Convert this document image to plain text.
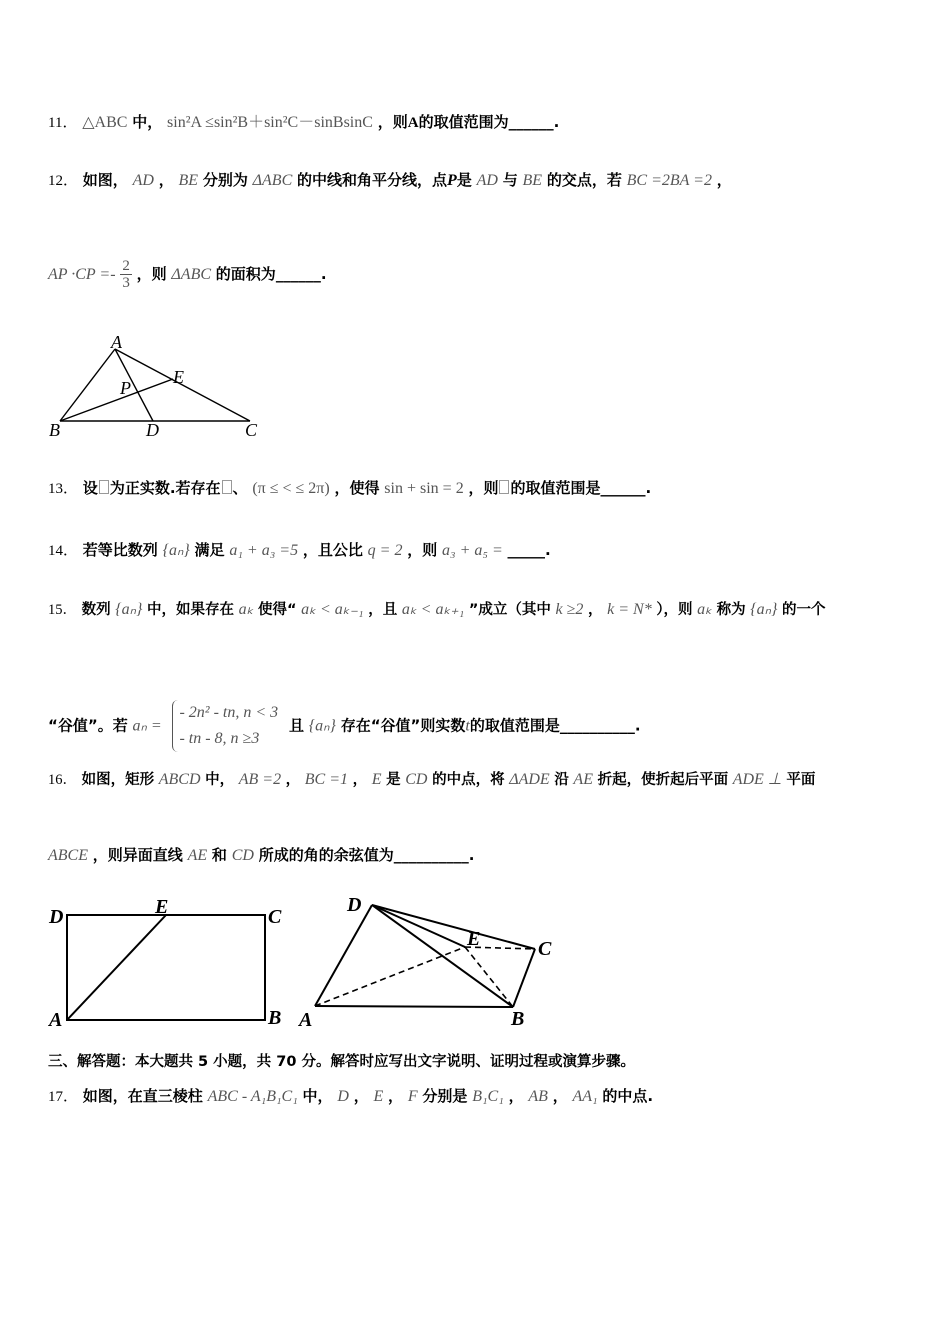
11． △ABC 中， sin²A ≤sin²B＋sin²C－sinBsinC ，则A的取值范围为______.
12． 如图， AD ， BE 分别为 ΔABC 的中线和角平分线，点P是 AD 与 BE 的交点，若 BC =2BA =2 ，
AP $\cdot CP =- \frac{2}{3}$ ，则 ΔABC 的面积为______.
A
B	C
D
E
P
13． 设 为正实数.若存在 、 (π ≤ < ≤ 2π) ，使得 sin + sin = 2 ，则 的取值范围是______.
14． 若等比数列 {aₙ} 满足 a₁ + a₃ =5 ，且公比 q = 2 ，则 a₃ + a₅ = _____.
15． 数列 {aₙ} 中，如果存在 aₖ 使得“ aₖ < aₖ₋₁ ，且 aₖ < aₖ₊₁ ”成立（其中 k ≥2 ， k = N* ），则 aₖ 称为 {aₙ} 的一个
“谷值”。若 aₙ =
- 2n² - tn, n < 3
- tn - 8, n ≥3
且 {aₙ} 存在“谷值”则实数t的取值范围是__________.
16． 如图，矩形 ABCD 中， AB =2 ， BC =1 ， E 是 CD 的中点，将 ΔADE 沿 AE 折起，使折起后平面 ADE ⊥ 平面
ABCE ，则异面直线 AE 和 CD 所成的角的余弦值为__________.
D	E	C
A	B
D
E	C
A	B
三、解答题：本大题共 5 小题，共 70 分。解答时应写出文字说明、证明过程或演算步骤。
17． 如图，在直三棱柱 ABC - A₁B₁C₁ 中， D ， E ， F 分别是 B₁C₁ ， AB ， AA₁ 的中点.
